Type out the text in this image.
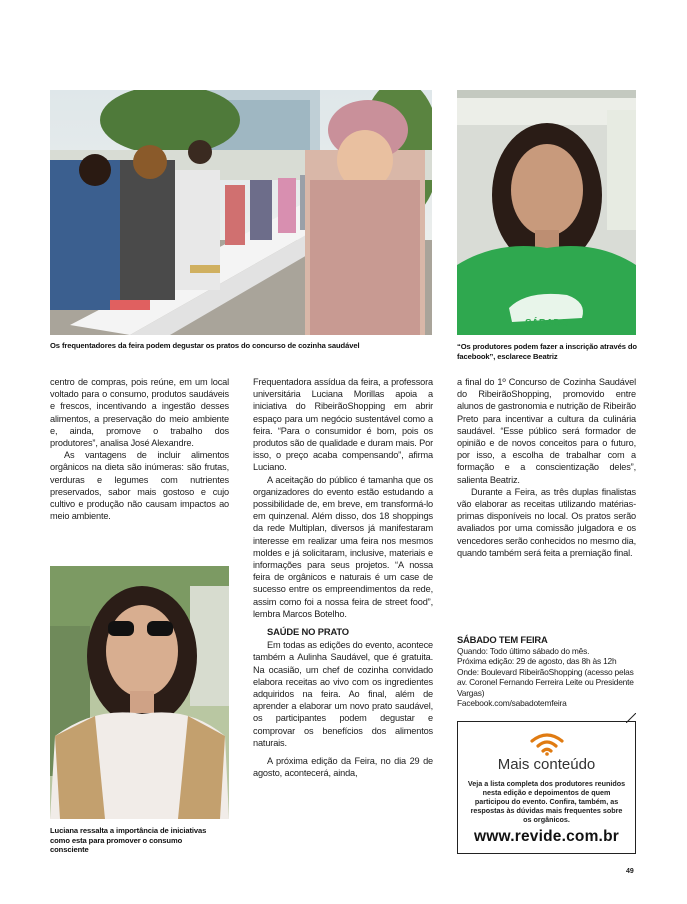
Os frequentadores da feira podem degustar os pratos do concurso de cozinha saudável
SÁBADO
“Os produtores podem fazer a inscrição através do facebook”, esclarece Beatriz

centro de compras, pois reúne, em um local voltado para o consumo, produtos saudáveis e frescos, incentivando a ingestão desses alimentos, a preservação do meio ambiente e, ainda, promove o trabalho dos produtores”, analisa José Alexandre.

As vantagens de incluir alimentos orgânicos na dieta são inúmeras: são frutas, verduras e legumes com nutrientes preservados, sabor mais gostoso e cujo cultivo e produção não causam impactos ao meio ambiente.

Luciana ressalta a importância de iniciativas como esta para promover o consumo consciente

Frequentadora assídua da feira, a professora universitária Luciana Morillas apoia a iniciativa do RibeirãoShopping em abrir espaço para um negócio sustentável como a feira. “Para o consumidor é bom, pois os produtos são de qualidade e duram mais. Por isso, o preço acaba compensando”, afirma Luciano.

A aceitação do público é tamanha que os organizadores do evento estão estudando a possibilidade de, em breve, em transformá-lo em quinzenal. Além disso, dos 18 shoppings da rede Multiplan, diversos já manifestaram interesse em realizar uma feira nos mesmos moldes e já solicitaram, inclusive, materiais e informações para seus projetos. “A nossa feira de orgânicos e naturais é um case de sucesso entre os empreendimentos da rede, assim como foi a nossa feira de street food”, lembra Marcos Botelho.

SAÚDE NO PRATO

Em todas as edições do evento, acontece também a Aulinha Saudável, que é gratuita. Na ocasião, um chef de cozinha convidado elabora receitas ao vivo com os ingredientes adquiridos na feira. Ao final, além de aprender a elaborar um novo prato saudável, os participantes podem degustar e comprovar os benefícios dos alimentos naturais.

A próxima edição da Feira, no dia 29 de agosto, acontecerá, ainda,

a final do 1º Concurso de Cozinha Saudável do RibeirãoShopping, promovido entre alunos de gastronomia e nutrição de Ribeirão Preto para incentivar a cultura da culinária saudável. “Esse público será formador de opinião e de novos conceitos para o futuro, por isso, a escolha de trabalhar com a formação e a conscientização deles”, salienta Beatriz.

Durante a Feira, as três duplas finalistas vão elaborar as receitas utilizando matérias-primas disponíveis no local. Os pratos serão avaliados por uma comissão julgadora e os vencedores serão conhecidos no mesmo dia, quando também será feita a premiação final.

SÁBADO TEM FEIRA
Quando: Todo último sábado do mês.
Próxima edição: 29 de agosto, das 8h às 12h
Onde: Boulevard RibeirãoShopping (acesso pelas av. Coronel Fernando Ferreira Leite ou Presidente Vargas)
Facebook.com/sabadotemfeira
Mais conteúdo
Veja a lista completa dos produtores reunidos nesta edição e depoimentos de quem participou do evento. Confira, também, as respostas às dúvidas mais frequentes sobre os orgânicos.
www.revide.com.br
49
